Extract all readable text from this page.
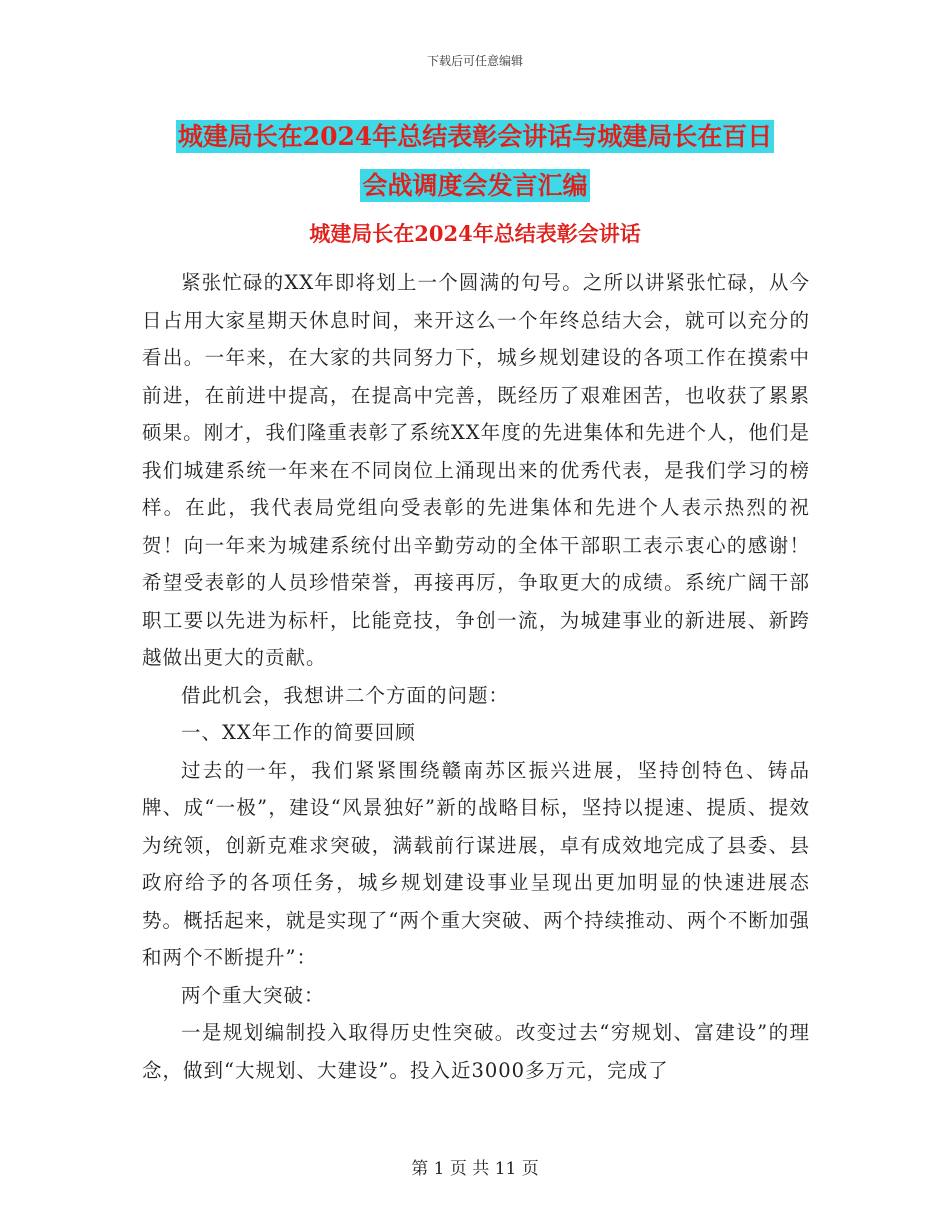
下载后可任意编辑
城建局长在2024年总结表彰会讲话与城建局长在百日
会战调度会发言汇编
城建局长在2024年总结表彰会讲话

紧张忙碌的XX年即将划上一个圆满的句号。之所以讲紧张忙碌，从今日占用大家星期天休息时间，来开这么一个年终总结大会，就可以充分的看出。一年来，在大家的共同努力下，城乡规划建设的各项工作在摸索中前进，在前进中提高，在提高中完善，既经历了艰难困苦，也收获了累累硕果。刚才，我们隆重表彰了系统XX年度的先进集体和先进个人，他们是我们城建系统一年来在不同岗位上涌现出来的优秀代表，是我们学习的榜样。在此，我代表局党组向受表彰的先进集体和先进个人表示热烈的祝贺！向一年来为城建系统付出辛勤劳动的全体干部职工表示衷心的感谢！希望受表彰的人员珍惜荣誉，再接再厉，争取更大的成绩。系统广阔干部职工要以先进为标杆，比能竞技，争创一流，为城建事业的新进展、新跨越做出更大的贡献。

借此机会，我想讲二个方面的问题：

一、XX年工作的简要回顾

过去的一年，我们紧紧围绕赣南苏区振兴进展，坚持创特色、铸品牌、成“一极”，建设“风景独好”新的战略目标，坚持以提速、提质、提效为统领，创新克难求突破，满载前行谋进展，卓有成效地完成了县委、县政府给予的各项任务，城乡规划建设事业呈现出更加明显的快速进展态势。概括起来，就是实现了“两个重大突破、两个持续推动、两个不断加强和两个不断提升”：

两个重大突破：

一是规划编制投入取得历史性突破。改变过去“穷规划、富建设”的理念，做到“大规划、大建设”。投入近3000多万元，完成了

第 1 页 共 11 页
